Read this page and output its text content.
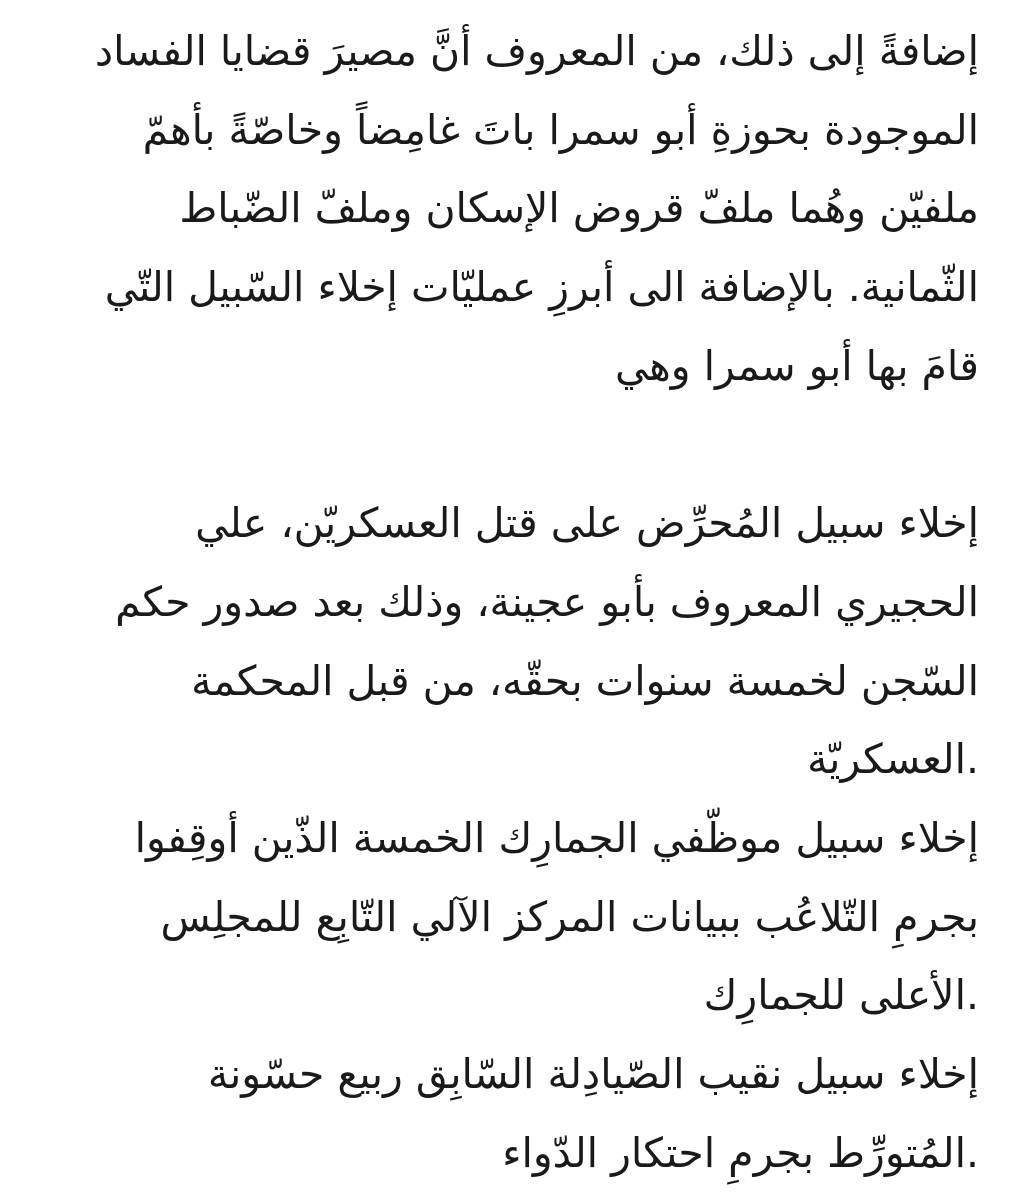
إضافةً إلى ذلك، من المعروف أنَّ مصيرَ قضايا الفساد
الموجودة بحوزةِ أبو سمرا باتَ غامِضاً وخاصّةً بأهمّ
ملفيّن وهُما ملفّ قروض الإسكان وملفّ الضّباط
الثّمانية. بالإضافة الى أبرزِ عمليّات إخلاء السّبيل التّي
قامَ بها أبو سمرا وهي
إخلاء سبيل المُحرِّض على قتل العسكريّن، علي
الحجيري المعروف بأبو عجينة، وذلك بعد صدور حكم
السّجن لخمسة سنوات بحقّه، من قبل المحكمة
.العسكريّة
إخلاء سبيل موظّفي الجمارِك الخمسة الذّين أوقِفوا
بجرمِ التّلاعُب ببيانات المركز الآلي التّابِع للمجلِس
.الأعلى للجمارِك
إخلاء سبيل نقيب الصّيادِلة السّابِق ربيع حسّونة
.المُتورِّط بجرمِ احتكار الدّواء
